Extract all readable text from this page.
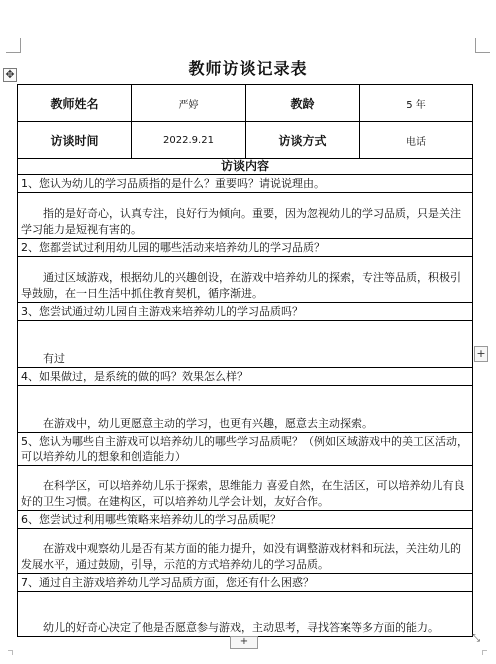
✥	教师访谈记录表
教师姓名	严婷	教龄	5 年
访谈时间	2022.9.21	访谈方式	电话
访谈内容
1、您认为幼儿的学习品质指的是什么？重要吗？请说说理由。
指的是好奇心，认真专注，良好行为倾向。重要，因为忽视幼儿的学习品质，只是关注学习能力是短视有害的。
2、您都尝试过利用幼儿园的哪些活动来培养幼儿的学习品质？
通过区域游戏，根据幼儿的兴趣创设，在游戏中培养幼儿的探索，专注等品质，积极引导鼓励，在一日生活中抓住教育契机，循序渐进。
3、您尝试通过幼儿园自主游戏来培养幼儿的学习品质吗？
有过
4、如果做过，是系统的做的吗？效果怎么样？
在游戏中，幼儿更愿意主动的学习，也更有兴趣，愿意去主动探索。
5、您认为哪些自主游戏可以培养幼儿的哪些学习品质呢？（例如区域游戏中的美工区活动，可以培养幼儿的想象和创造能力）
在科学区，可以培养幼儿乐于探索，思维能力 喜爱自然，在生活区，可以培养幼儿有良好的卫生习惯。在建构区，可以培养幼儿学会计划，友好合作。
6、您尝试过利用哪些策略来培养幼儿的学习品质呢？
在游戏中观察幼儿是否有某方面的能力提升，如没有调整游戏材料和玩法，关注幼儿的发展水平，通过鼓励，引导，示范的方式培养幼儿的学习品质。
7、通过自主游戏培养幼儿学习品质方面，您还有什么困惑？
幼儿的好奇心决定了他是否愿意参与游戏，主动思考，寻找答案等多方面的能力。
+
+	⤡
